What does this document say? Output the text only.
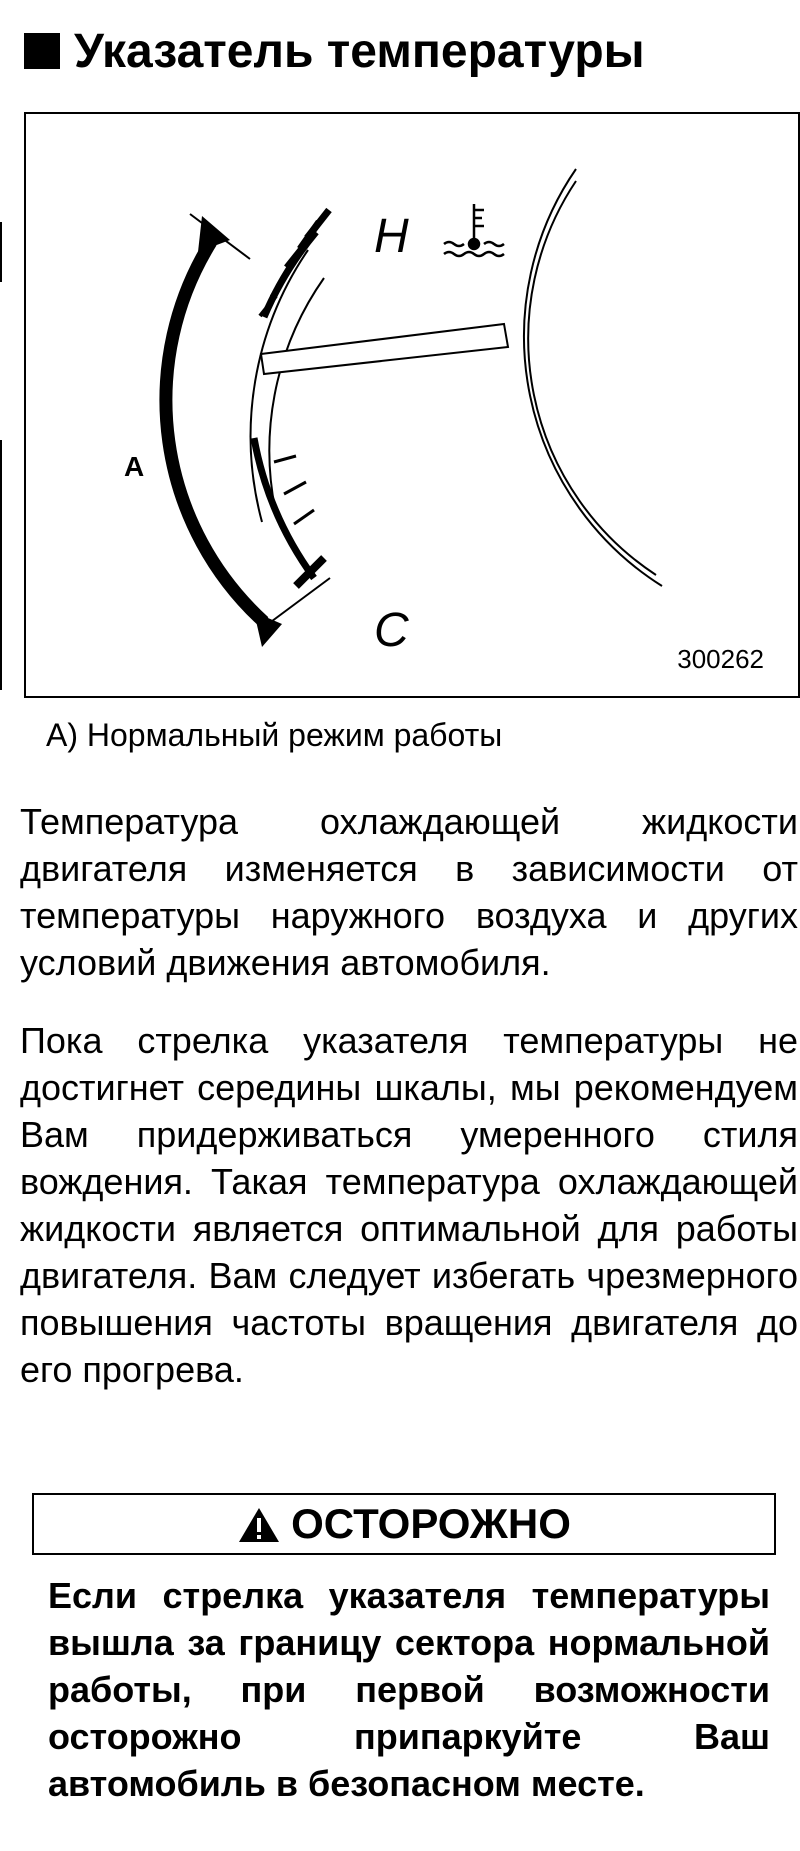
Указатель температуры
H
C
A
300262
A) Нормальный режим работы

Температура охлаждающей жидкости двигателя изменяется в зависимости от температуры наружного воздуха и других условий движения автомобиля.

Пока стрелка указателя температуры не достигнет середины шкалы, мы рекомендуем Вам придерживаться умеренного стиля вождения. Такая температура охлаждающей жидкости является оптимальной для работы двигателя. Вам следует избегать чрезмерного повышения частоты вращения двигателя до его прогрева.

ОСТОРОЖНО

Если стрелка указателя температуры вышла за границу сектора нормальной работы, при первой возможности осторожно припаркуйте Ваш автомобиль в безопасном месте.
